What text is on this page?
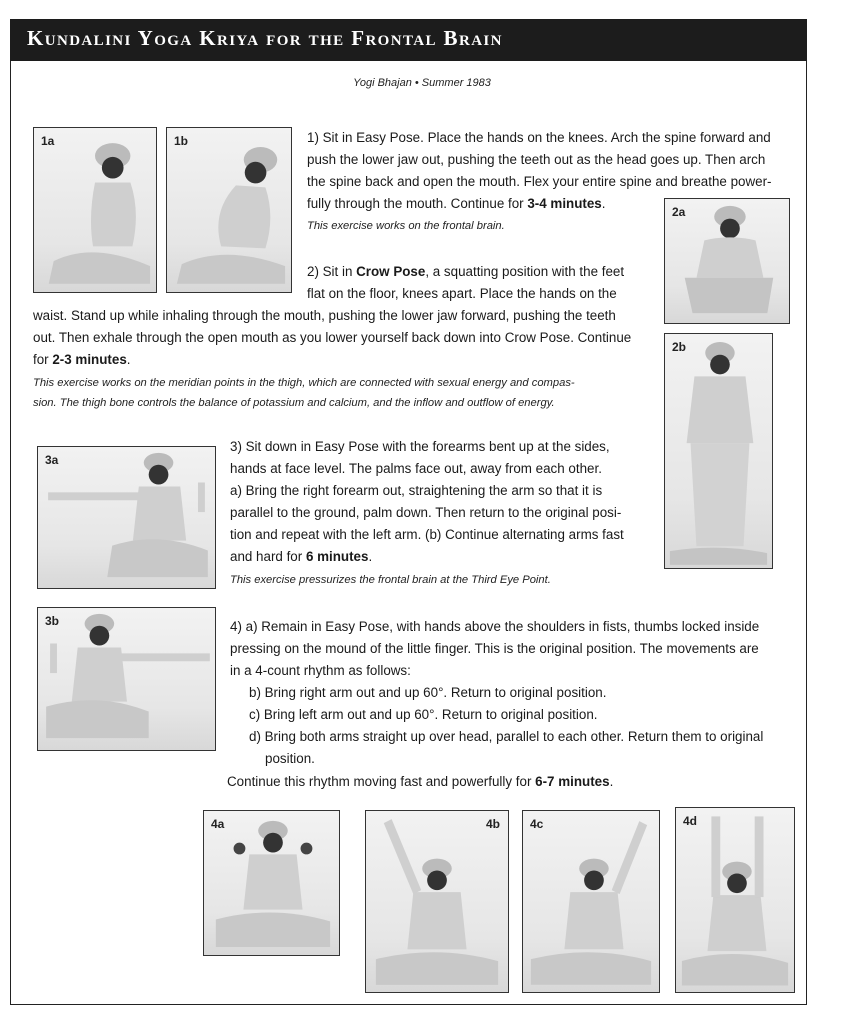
Kundalini Yoga Kriya for the Frontal Brain
Yogi Bhajan • Summer 1983
1a	1b
2a
2b
3a
3b
4a	4b	4c	4d
1) Sit in Easy Pose. Place the hands on the knees. Arch the spine forward and
push the lower jaw out, pushing the teeth out as the head goes up. Then arch
the spine back and open the mouth. Flex your entire spine and breathe power-
fully through the mouth. Continue for 3-4 minutes.
This exercise works on the frontal brain.
2) Sit in Crow Pose, a squatting position with the feet
flat on the floor, knees apart. Place the hands on the
waist. Stand up while inhaling through the mouth, pushing the lower jaw forward, pushing the teeth
out. Then exhale through the open mouth as you lower yourself back down into Crow Pose. Continue
for 2-3 minutes.
This exercise works on the meridian points in the thigh, which are connected with sexual energy and compas-
sion. The thigh bone controls the balance of potassium and calcium, and the inflow and outflow of energy.
3) Sit down in Easy Pose with the forearms bent up at the sides,
hands at face level. The palms face out, away from each other.
a) Bring the right forearm out, straightening the arm so that it is
parallel to the ground, palm down. Then return to the original posi-
tion and repeat with the left arm. (b) Continue alternating arms fast
and hard for 6 minutes.
This exercise pressurizes the frontal brain at the Third Eye Point.
4) a) Remain in Easy Pose, with hands above the shoulders in fists, thumbs locked inside
pressing on the mound of the little finger. This is the original position. The movements are
in a 4-count rhythm as follows:
b) Bring right arm out and up 60°. Return to original position.
c) Bring left arm out and up 60°. Return to original position.
d) Bring both arms straight up over head, parallel to each other. Return them to original
position.
Continue this rhythm moving fast and powerfully for 6-7 minutes.
